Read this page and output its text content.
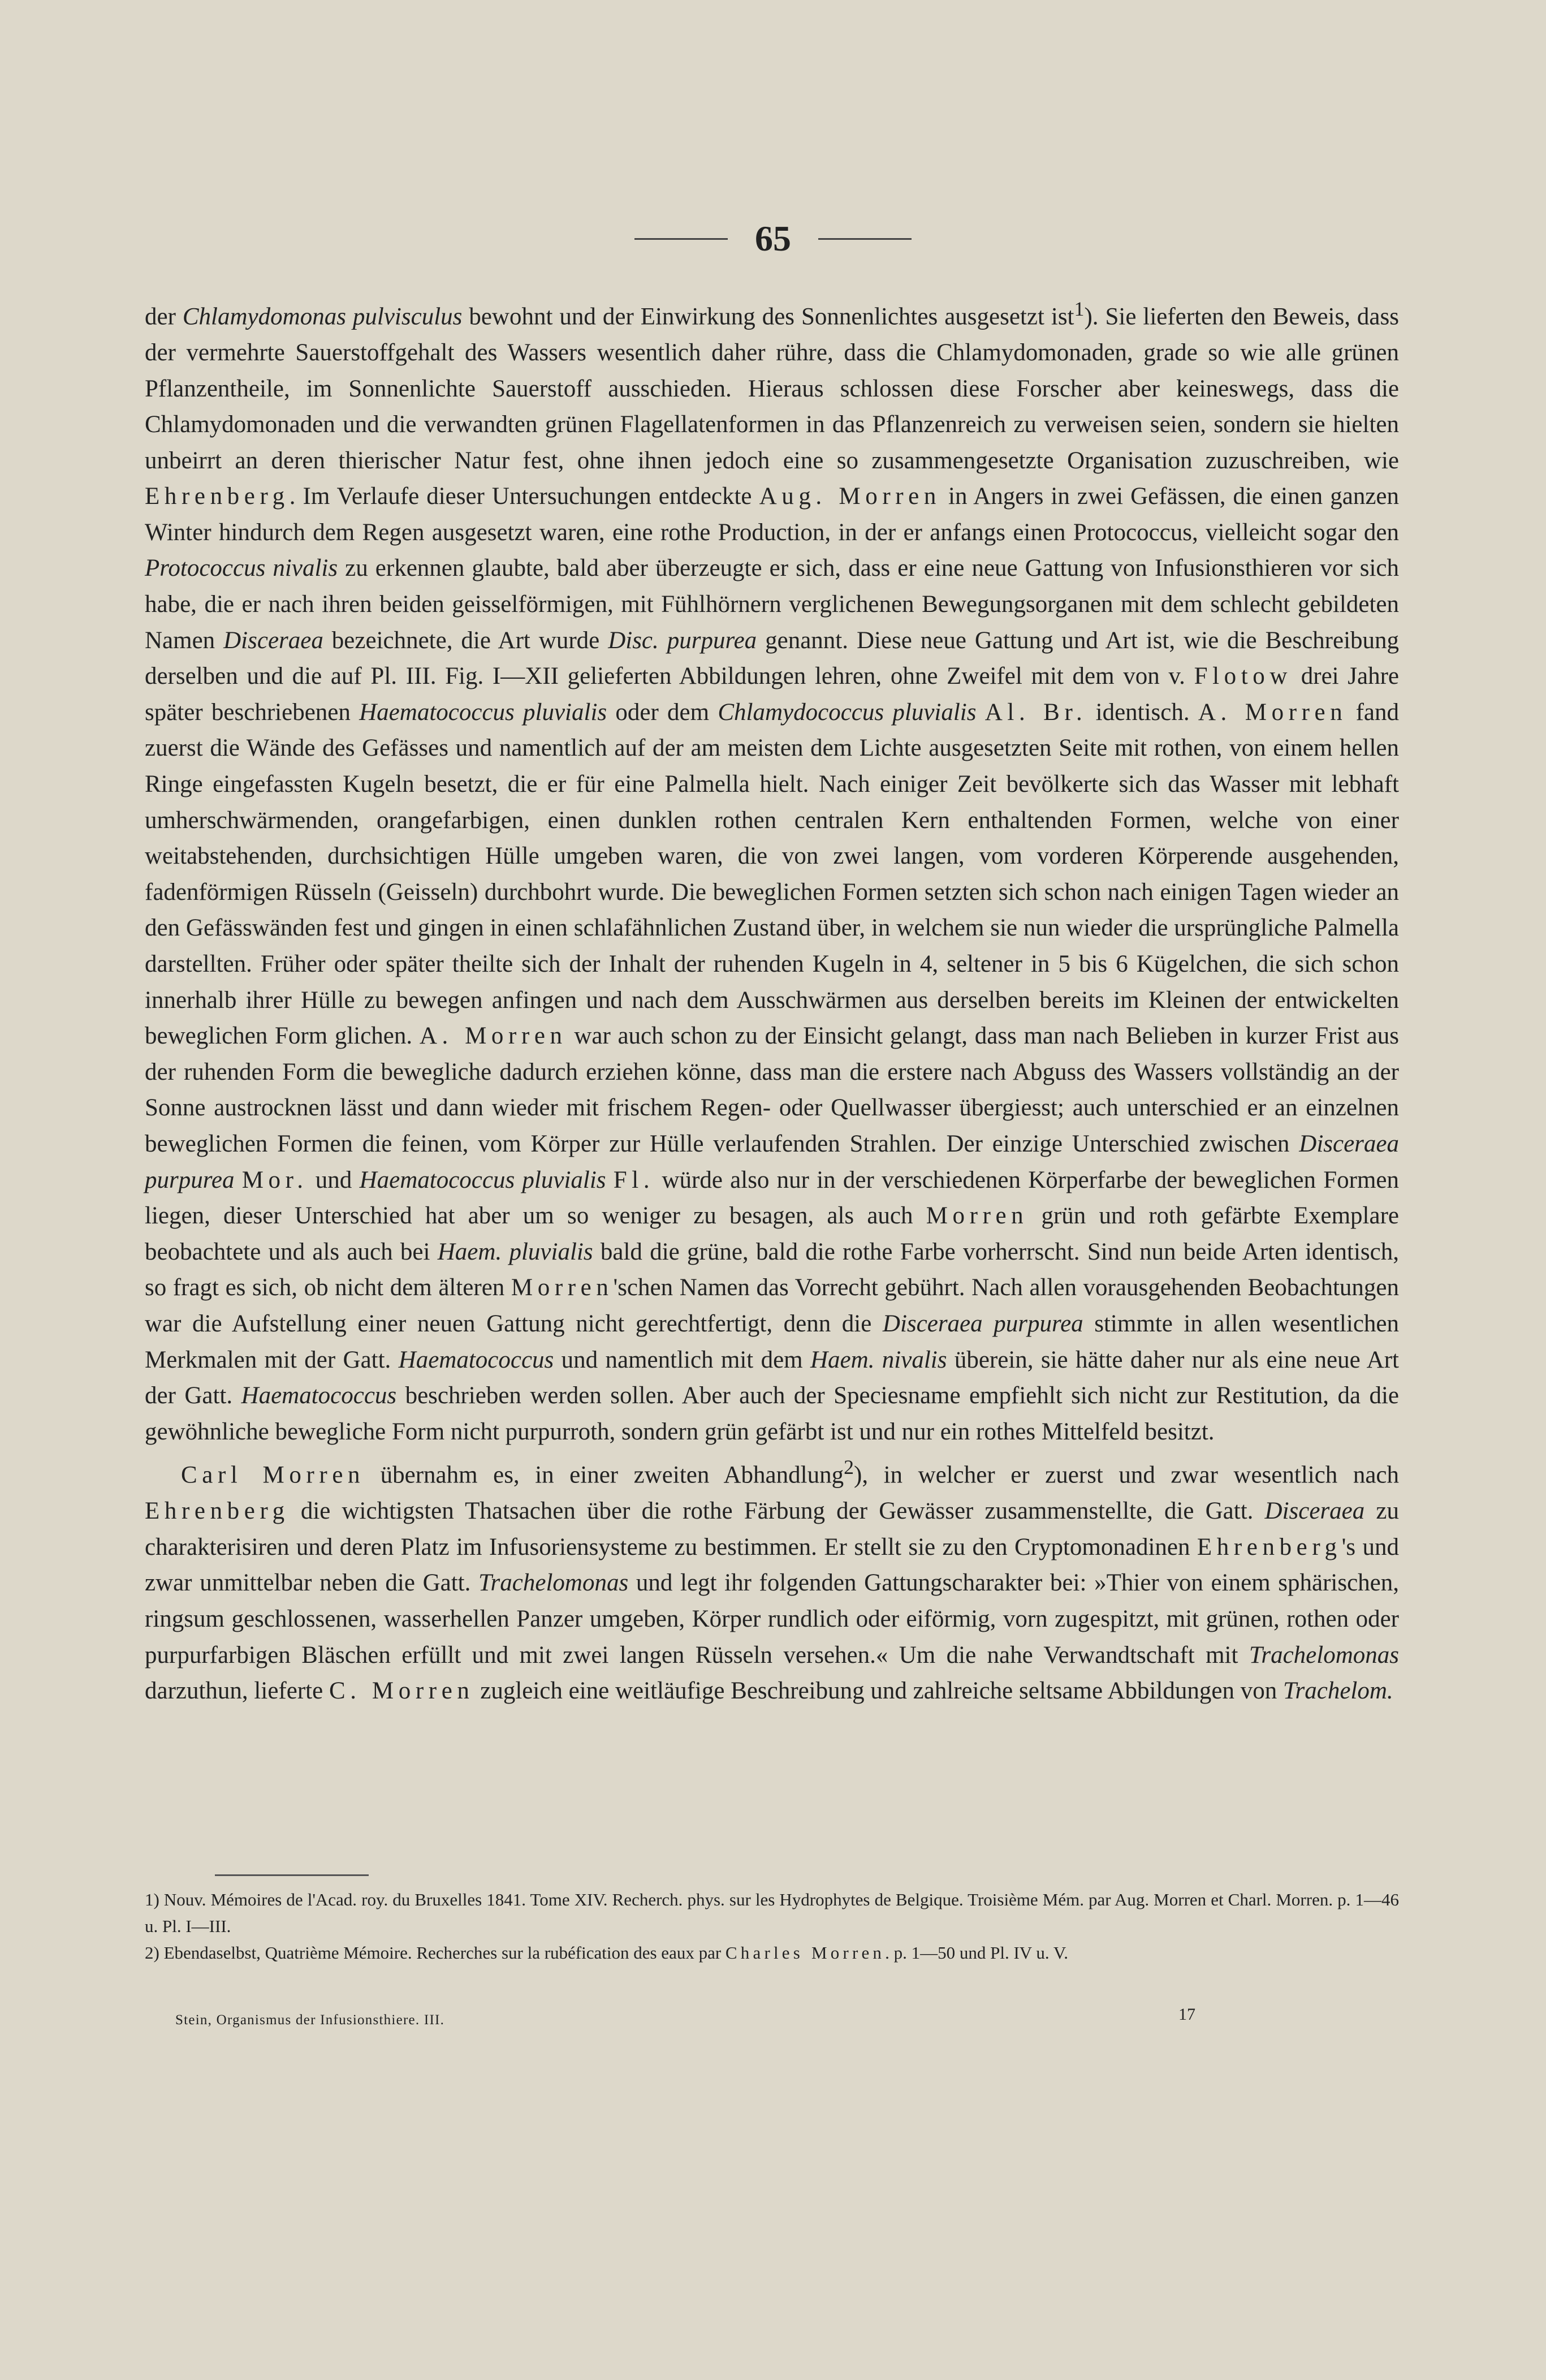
65

der Chlamydomonas pulvisculus bewohnt und der Einwirkung des Sonnenlichtes ausgesetzt ist$^1$). Sie lieferten den Beweis, dass der vermehrte Sauerstoffgehalt des Wassers wesentlich daher rühre, dass die Chlamydomonaden, grade so wie alle grünen Pflanzentheile, im Sonnenlichte Sauerstoff ausschieden. Hieraus schlossen diese Forscher aber keineswegs, dass die Chlamydomonaden und die verwandten grünen Flagellatenformen in das Pflanzenreich zu verweisen seien, sondern sie hielten unbeirrt an deren thierischer Natur fest, ohne ihnen jedoch eine so zusammengesetzte Organisation zuzuschreiben, wie Ehrenberg. Im Verlaufe dieser Untersuchungen entdeckte Aug. Morren in Angers in zwei Gefässen, die einen ganzen Winter hindurch dem Regen ausgesetzt waren, eine rothe Production, in der er anfangs einen Protococcus, vielleicht sogar den Protococcus nivalis zu erkennen glaubte, bald aber überzeugte er sich, dass er eine neue Gattung von Infusionsthieren vor sich habe, die er nach ihren beiden geisselförmigen, mit Fühlhörnern verglichenen Bewegungsorganen mit dem schlecht gebildeten Namen Disceraea bezeichnete, die Art wurde Disc. purpurea genannt. Diese neue Gattung und Art ist, wie die Beschreibung derselben und die auf Pl. III. Fig. I—XII gelieferten Abbildungen lehren, ohne Zweifel mit dem von v. Flotow drei Jahre später beschriebenen Haematococcus pluvialis oder dem Chlamydococcus pluvialis Al. Br. identisch. A. Morren fand zuerst die Wände des Gefässes und namentlich auf der am meisten dem Lichte ausgesetzten Seite mit rothen, von einem hellen Ringe eingefassten Kugeln besetzt, die er für eine Palmella hielt. Nach einiger Zeit bevölkerte sich das Wasser mit lebhaft umherschwärmenden, orangefarbigen, einen dunklen rothen centralen Kern enthaltenden Formen, welche von einer weitabstehenden, durchsichtigen Hülle umgeben waren, die von zwei langen, vom vorderen Körperende ausgehenden, fadenförmigen Rüsseln (Geisseln) durchbohrt wurde. Die beweglichen Formen setzten sich schon nach einigen Tagen wieder an den Gefässwänden fest und gingen in einen schlafähnlichen Zustand über, in welchem sie nun wieder die ursprüngliche Palmella darstellten. Früher oder später theilte sich der Inhalt der ruhenden Kugeln in 4, seltener in 5 bis 6 Kügelchen, die sich schon innerhalb ihrer Hülle zu bewegen anfingen und nach dem Ausschwärmen aus derselben bereits im Kleinen der entwickelten beweglichen Form glichen. A. Morren war auch schon zu der Einsicht gelangt, dass man nach Belieben in kurzer Frist aus der ruhenden Form die bewegliche dadurch erziehen könne, dass man die erstere nach Abguss des Wassers vollständig an der Sonne austrocknen lässt und dann wieder mit frischem Regen- oder Quellwasser übergiesst; auch unterschied er an einzelnen beweglichen Formen die feinen, vom Körper zur Hülle verlaufenden Strahlen. Der einzige Unterschied zwischen Disceraea purpurea Mor. und Haematococcus pluvialis Fl. würde also nur in der verschiedenen Körperfarbe der beweglichen Formen liegen, dieser Unterschied hat aber um so weniger zu besagen, als auch Morren grün und roth gefärbte Exemplare beobachtete und als auch bei Haem. pluvialis bald die grüne, bald die rothe Farbe vorherrscht. Sind nun beide Arten identisch, so fragt es sich, ob nicht dem älteren Morren'schen Namen das Vorrecht gebührt. Nach allen vorausgehenden Beobachtungen war die Aufstellung einer neuen Gattung nicht gerechtfertigt, denn die Disceraea purpurea stimmte in allen wesentlichen Merkmalen mit der Gatt. Haematococcus und namentlich mit dem Haem. nivalis überein, sie hätte daher nur als eine neue Art der Gatt. Haematococcus beschrieben werden sollen. Aber auch der Speciesname empfiehlt sich nicht zur Restitution, da die gewöhnliche bewegliche Form nicht purpurroth, sondern grün gefärbt ist und nur ein rothes Mittelfeld besitzt.

Carl Morren übernahm es, in einer zweiten Abhandlung$^2$), in welcher er zuerst und zwar wesentlich nach Ehrenberg die wichtigsten Thatsachen über die rothe Färbung der Gewässer zusammenstellte, die Gatt. Disceraea zu charakterisiren und deren Platz im Infusoriensysteme zu bestimmen. Er stellt sie zu den Cryptomonadinen Ehrenberg's und zwar unmittelbar neben die Gatt. Trachelomonas und legt ihr folgenden Gattungscharakter bei: »Thier von einem sphärischen, ringsum geschlossenen, wasserhellen Panzer umgeben, Körper rundlich oder eiförmig, vorn zugespitzt, mit grünen, rothen oder purpurfarbigen Bläschen erfüllt und mit zwei langen Rüsseln versehen.« Um die nahe Verwandtschaft mit Trachelomonas darzuthun, lieferte C. Morren zugleich eine weitläufige Beschreibung und zahlreiche seltsame Abbildungen von Trachelom.

1) Nouv. Mémoires de l'Acad. roy. du Bruxelles 1841. Tome XIV. Recherch. phys. sur les Hydrophytes de Belgique. Troisième Mém. par Aug. Morren et Charl. Morren. p. 1—46 u. Pl. I—III.

2) Ebendaselbst, Quatrième Mémoire. Recherches sur la rubéfication des eaux par Charles Morren. p. 1—50 und Pl. IV u. V.

Stein, Organismus der Infusionsthiere. III.	17
